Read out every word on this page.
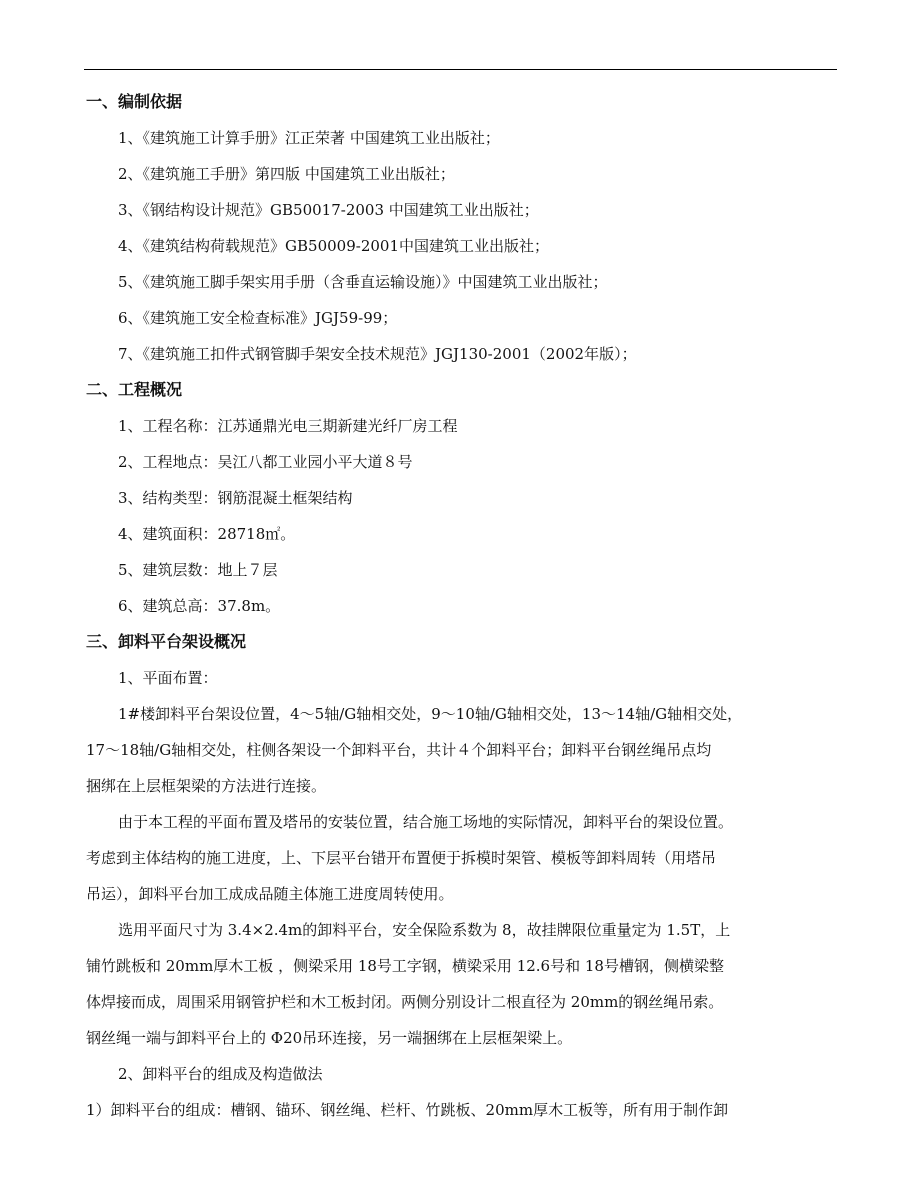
一、编制依据
1、《建筑施工计算手册》江正荣著 中国建筑工业出版社；
2、《建筑施工手册》第四版 中国建筑工业出版社；
3、《钢结构设计规范》GB50017-2003 中国建筑工业出版社；
4、《建筑结构荷载规范》GB50009-2001中国建筑工业出版社；
5、《建筑施工脚手架实用手册（含垂直运输设施）》中国建筑工业出版社；
6、《建筑施工安全检查标准》JGJ59-99；
7、《建筑施工扣件式钢管脚手架安全技术规范》JGJ130-2001（2002年版）；
二、工程概况
1、工程名称：江苏通鼎光电三期新建光纤厂房工程
2、工程地点：吴江八都工业园小平大道８号
3、结构类型：钢筋混凝土框架结构
4、建筑面积：28718㎡。
5、建筑层数：地上７层
6、建筑总高：37.8m。
三、卸料平台架设概况
1、平面布置：
1#楼卸料平台架设位置，4～5轴/G轴相交处，9～10轴/G轴相交处，13～14轴/G轴相交处，
17～18轴/G轴相交处，柱侧各架设一个卸料平台，共计４个卸料平台；卸料平台钢丝绳吊点均
捆绑在上层框架梁的方法进行连接。
由于本工程的平面布置及塔吊的安装位置，结合施工场地的实际情况，卸料平台的架设位置。
考虑到主体结构的施工进度，上、下层平台错开布置便于拆模时架管、模板等卸料周转（用塔吊
吊运），卸料平台加工成成品随主体施工进度周转使用。
选用平面尺寸为 3.4×2.4m的卸料平台，安全保险系数为 8，故挂牌限位重量定为 1.5T，上
铺竹跳板和 20mm厚木工板 ，侧梁采用 18号工字钢，横梁采用 12.6号和 18号槽钢，侧横梁整
体焊接而成，周围采用钢管护栏和木工板封闭。两侧分别设计二根直径为 20mm的钢丝绳吊索。
钢丝绳一端与卸料平台上的 Φ20吊环连接，另一端捆绑在上层框架梁上。
2、卸料平台的组成及构造做法
1）卸料平台的组成：槽钢、锚环、钢丝绳、栏杆、竹跳板、20mm厚木工板等，所有用于制作卸
